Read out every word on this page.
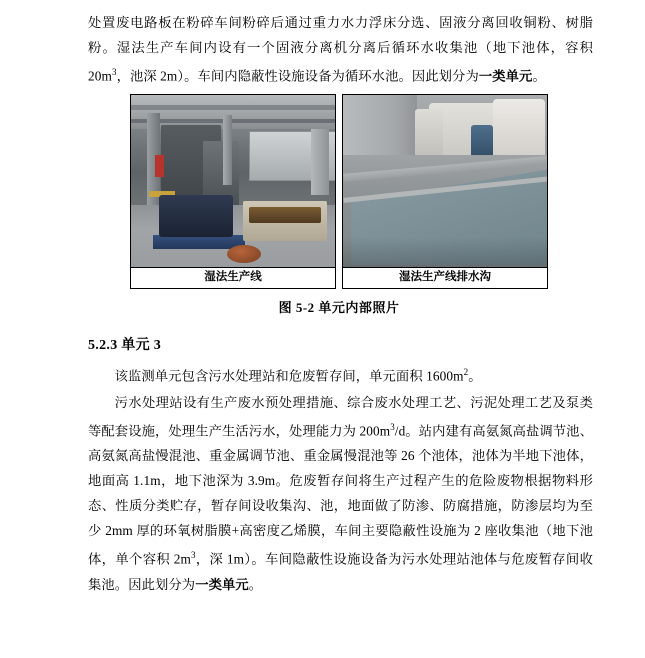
处置废电路板在粉碎车间粉碎后通过重力水力浮床分选、固液分离回收铜粉、树脂粉。湿法生产车间内设有一个固液分离机分离后循环水收集池（地下池体，容积 $20m^3$，池深 2m）。车间内隐蔽性设施设备为循环水池。因此划分为一类单元。

湿法生产线	湿法生产线排水沟
图 5-2 单元内部照片
5.2.3 单元 3

该监测单元包含污水处理站和危废暂存间，单元面积 $1600m^2$。

污水处理站设有生产废水预处理措施、综合废水处理工艺、污泥处理工艺及泵类等配套设施，处理生产生活污水，处理能力为 $200m^3/d$。站内建有高氨氮高盐调节池、高氨氮高盐慢混池、重金属调节池、重金属慢混池等 26 个池体，池体为半地下池体，地面高 1.1m，地下池深为 3.9m。危废暂存间将生产过程产生的危险废物根据物料形态、性质分类贮存，暂存间设收集沟、池，地面做了防渗、防腐措施，防渗层均为至少 2mm 厚的环氧树脂膜+高密度乙烯膜，车间主要隐蔽性设施为 2 座收集池（地下池体，单个容积 $2m^3$，深 1m）。车间隐蔽性设施设备为污水处理站池体与危废暂存间收集池。因此划分为一类单元。
